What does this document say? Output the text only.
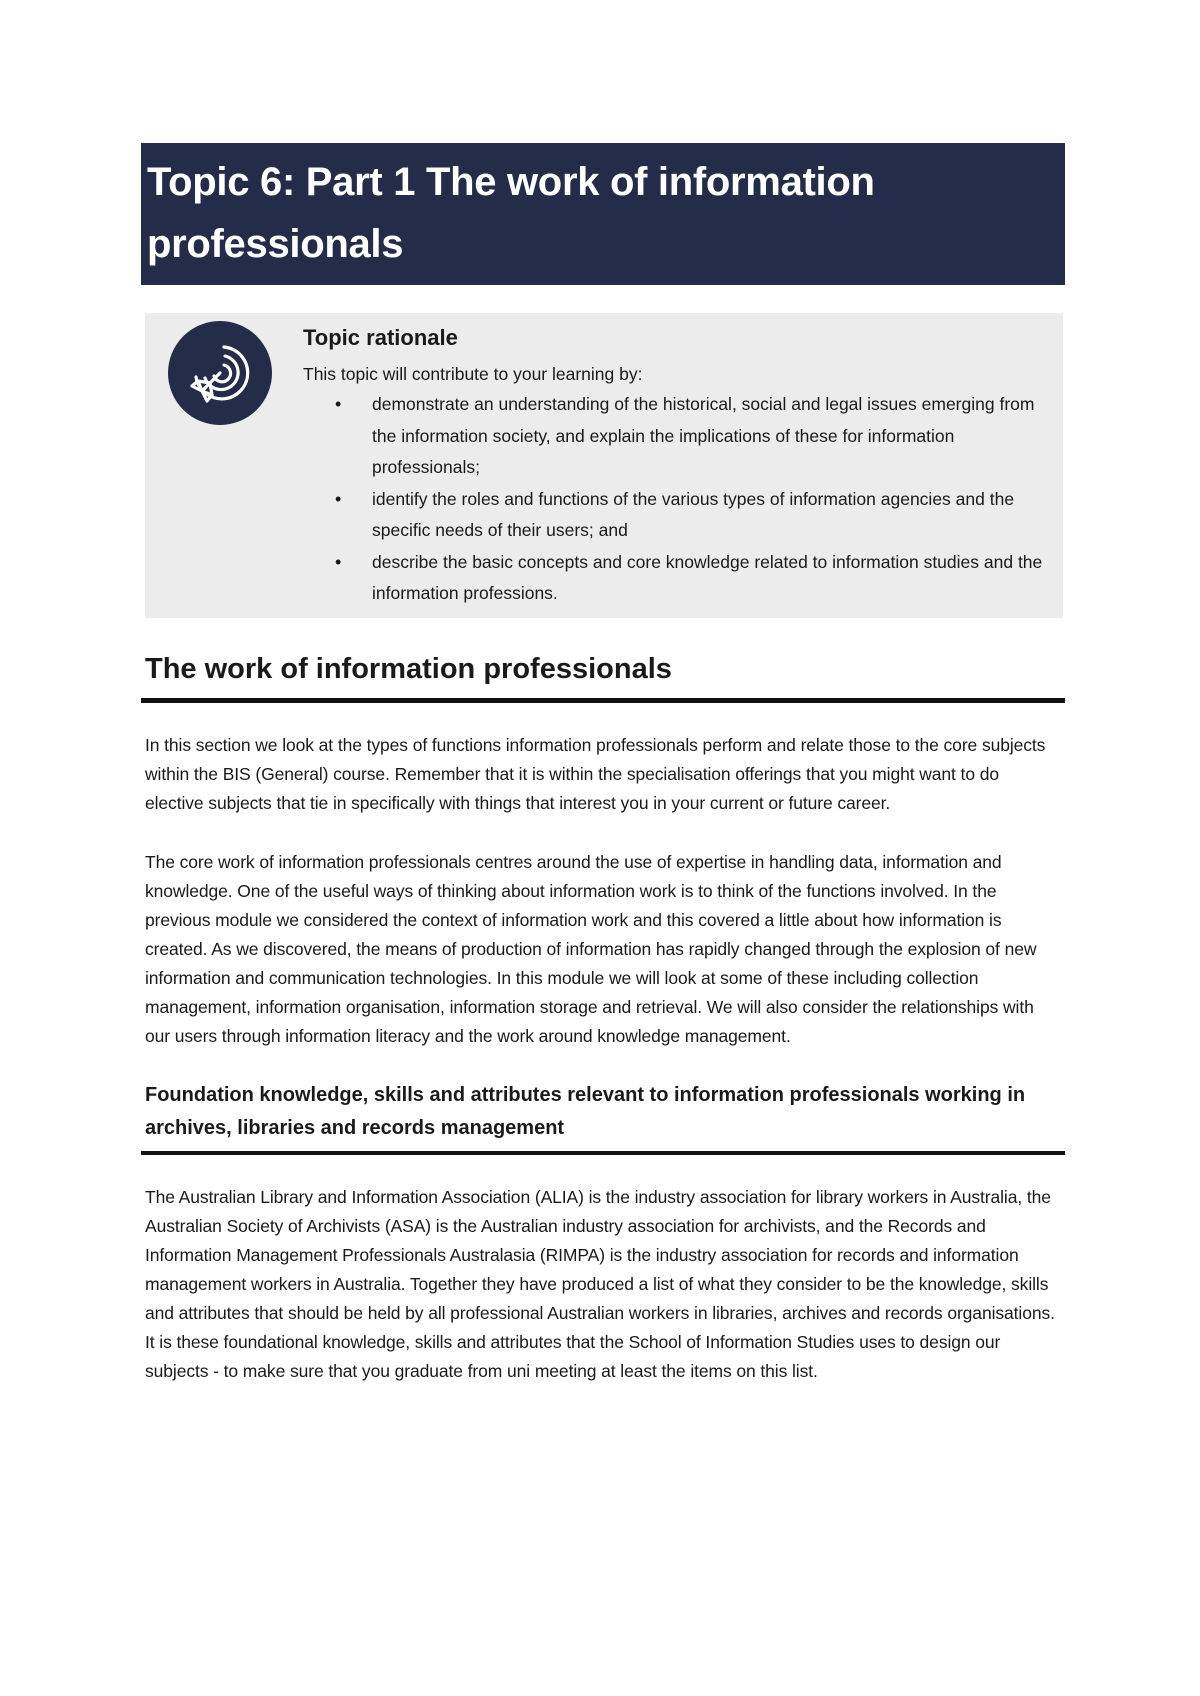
Topic 6: Part 1 The work of information professionals
Topic rationale
This topic will contribute to your learning by:
• demonstrate an understanding of the historical, social and legal issues emerging from the information society, and explain the implications of these for information professionals;
• identify the roles and functions of the various types of information agencies and the specific needs of their users; and
• describe the basic concepts and core knowledge related to information studies and the information professions.
The work of information professionals

In this section we look at the types of functions information professionals perform and relate those to the core subjects within the BIS (General) course. Remember that it is within the specialisation offerings that you might want to do elective subjects that tie in specifically with things that interest you in your current or future career.

The core work of information professionals centres around the use of expertise in handling data, information and knowledge. One of the useful ways of thinking about information work is to think of the functions involved. In the previous module we considered the context of information work and this covered a little about how information is created. As we discovered, the means of production of information has rapidly changed through the explosion of new information and communication technologies. In this module we will look at some of these including collection management, information organisation, information storage and retrieval. We will also consider the relationships with our users through information literacy and the work around knowledge management.

Foundation knowledge, skills and attributes relevant to information professionals working in archives, libraries and records management

The Australian Library and Information Association (ALIA) is the industry association for library workers in Australia, the Australian Society of Archivists (ASA) is the Australian industry association for archivists, and the Records and Information Management Professionals Australasia (RIMPA) is the industry association for records and information management workers in Australia. Together they have produced a list of what they consider to be the knowledge, skills and attributes that should be held by all professional Australian workers in libraries, archives and records organisations. It is these foundational knowledge, skills and attributes that the School of Information Studies uses to design our subjects - to make sure that you graduate from uni meeting at least the items on this list.
